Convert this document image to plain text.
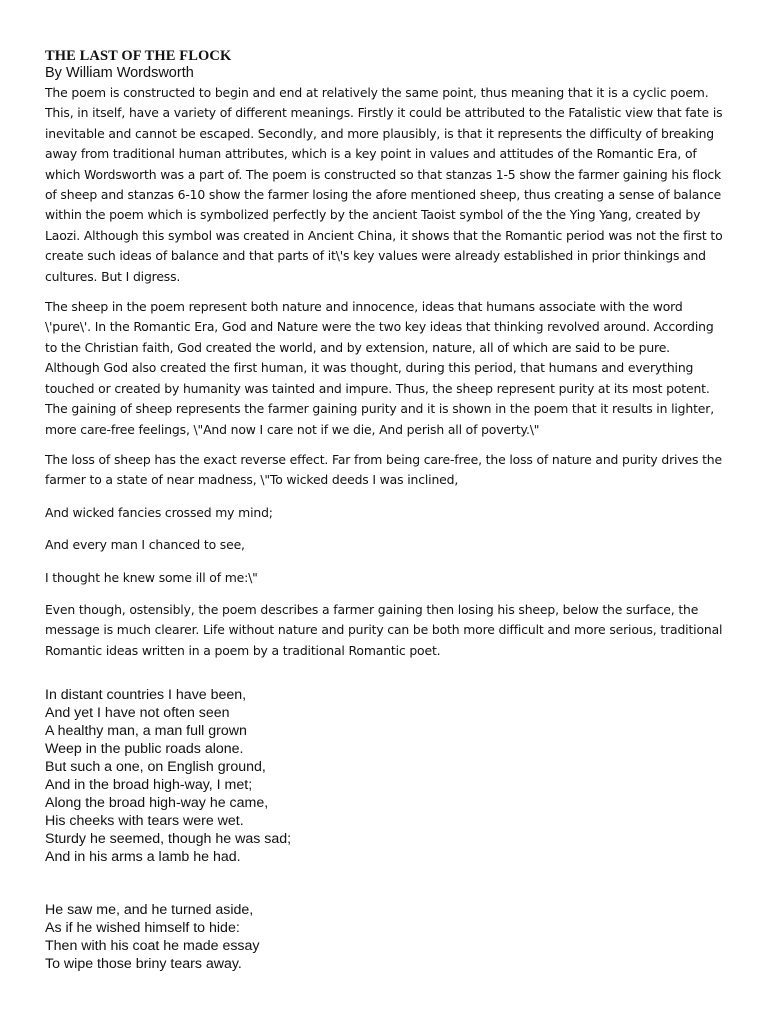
THE LAST OF THE FLOCK
By William Wordsworth

The poem is constructed to begin and end at relatively the same point, thus meaning that it is a cyclic poem. This, in itself, have a variety of different meanings. Firstly it could be attributed to the Fatalistic view that fate is inevitable and cannot be escaped. Secondly, and more plausibly, is that it represents the difficulty of breaking away from traditional human attributes, which is a key point in values and attitudes of the Romantic Era, of which Wordsworth was a part of. The poem is constructed so that stanzas 1-5 show the farmer gaining his flock of sheep and stanzas 6-10 show the farmer losing the afore mentioned sheep, thus creating a sense of balance within the poem which is symbolized perfectly by the ancient Taoist symbol of the the Ying Yang, created by Laozi. Although this symbol was created in Ancient China, it shows that the Romantic period was not the first to create such ideas of balance and that parts of it\'s key values were already established in prior thinkings and cultures. But I digress.

The sheep in the poem represent both nature and innocence, ideas that humans associate with the word \'pure\'. In the Romantic Era, God and Nature were the two key ideas that thinking revolved around. According to the Christian faith, God created the world, and by extension, nature, all of which are said to be pure. Although God also created the first human, it was thought, during this period, that humans and everything touched or created by humanity was tainted and impure. Thus, the sheep represent purity at its most potent. The gaining of sheep represents the farmer gaining purity and it is shown in the poem that it results in lighter, more care-free feelings, \"And now I care not if we die, And perish all of poverty.\"

The loss of sheep has the exact reverse effect. Far from being care-free, the loss of nature and purity drives the farmer to a state of near madness, \"To wicked deeds I was inclined,

And wicked fancies crossed my mind;

And every man I chanced to see,

I thought he knew some ill of me:\"

Even though, ostensibly, the poem describes a farmer gaining then losing his sheep, below the surface, the message is much clearer. Life without nature and purity can be both more difficult and more serious, traditional Romantic ideas written in a poem by a traditional Romantic poet.

In distant countries I have been,
And yet I have not often seen
A healthy man, a man full grown
Weep in the public roads alone.
But such a one, on English ground,
And in the broad high-way, I met;
Along the broad high-way he came,
His cheeks with tears were wet.
Sturdy he seemed, though he was sad;
And in his arms a lamb he had.
He saw me, and he turned aside,
As if he wished himself to hide:
Then with his coat he made essay
To wipe those briny tears away.
